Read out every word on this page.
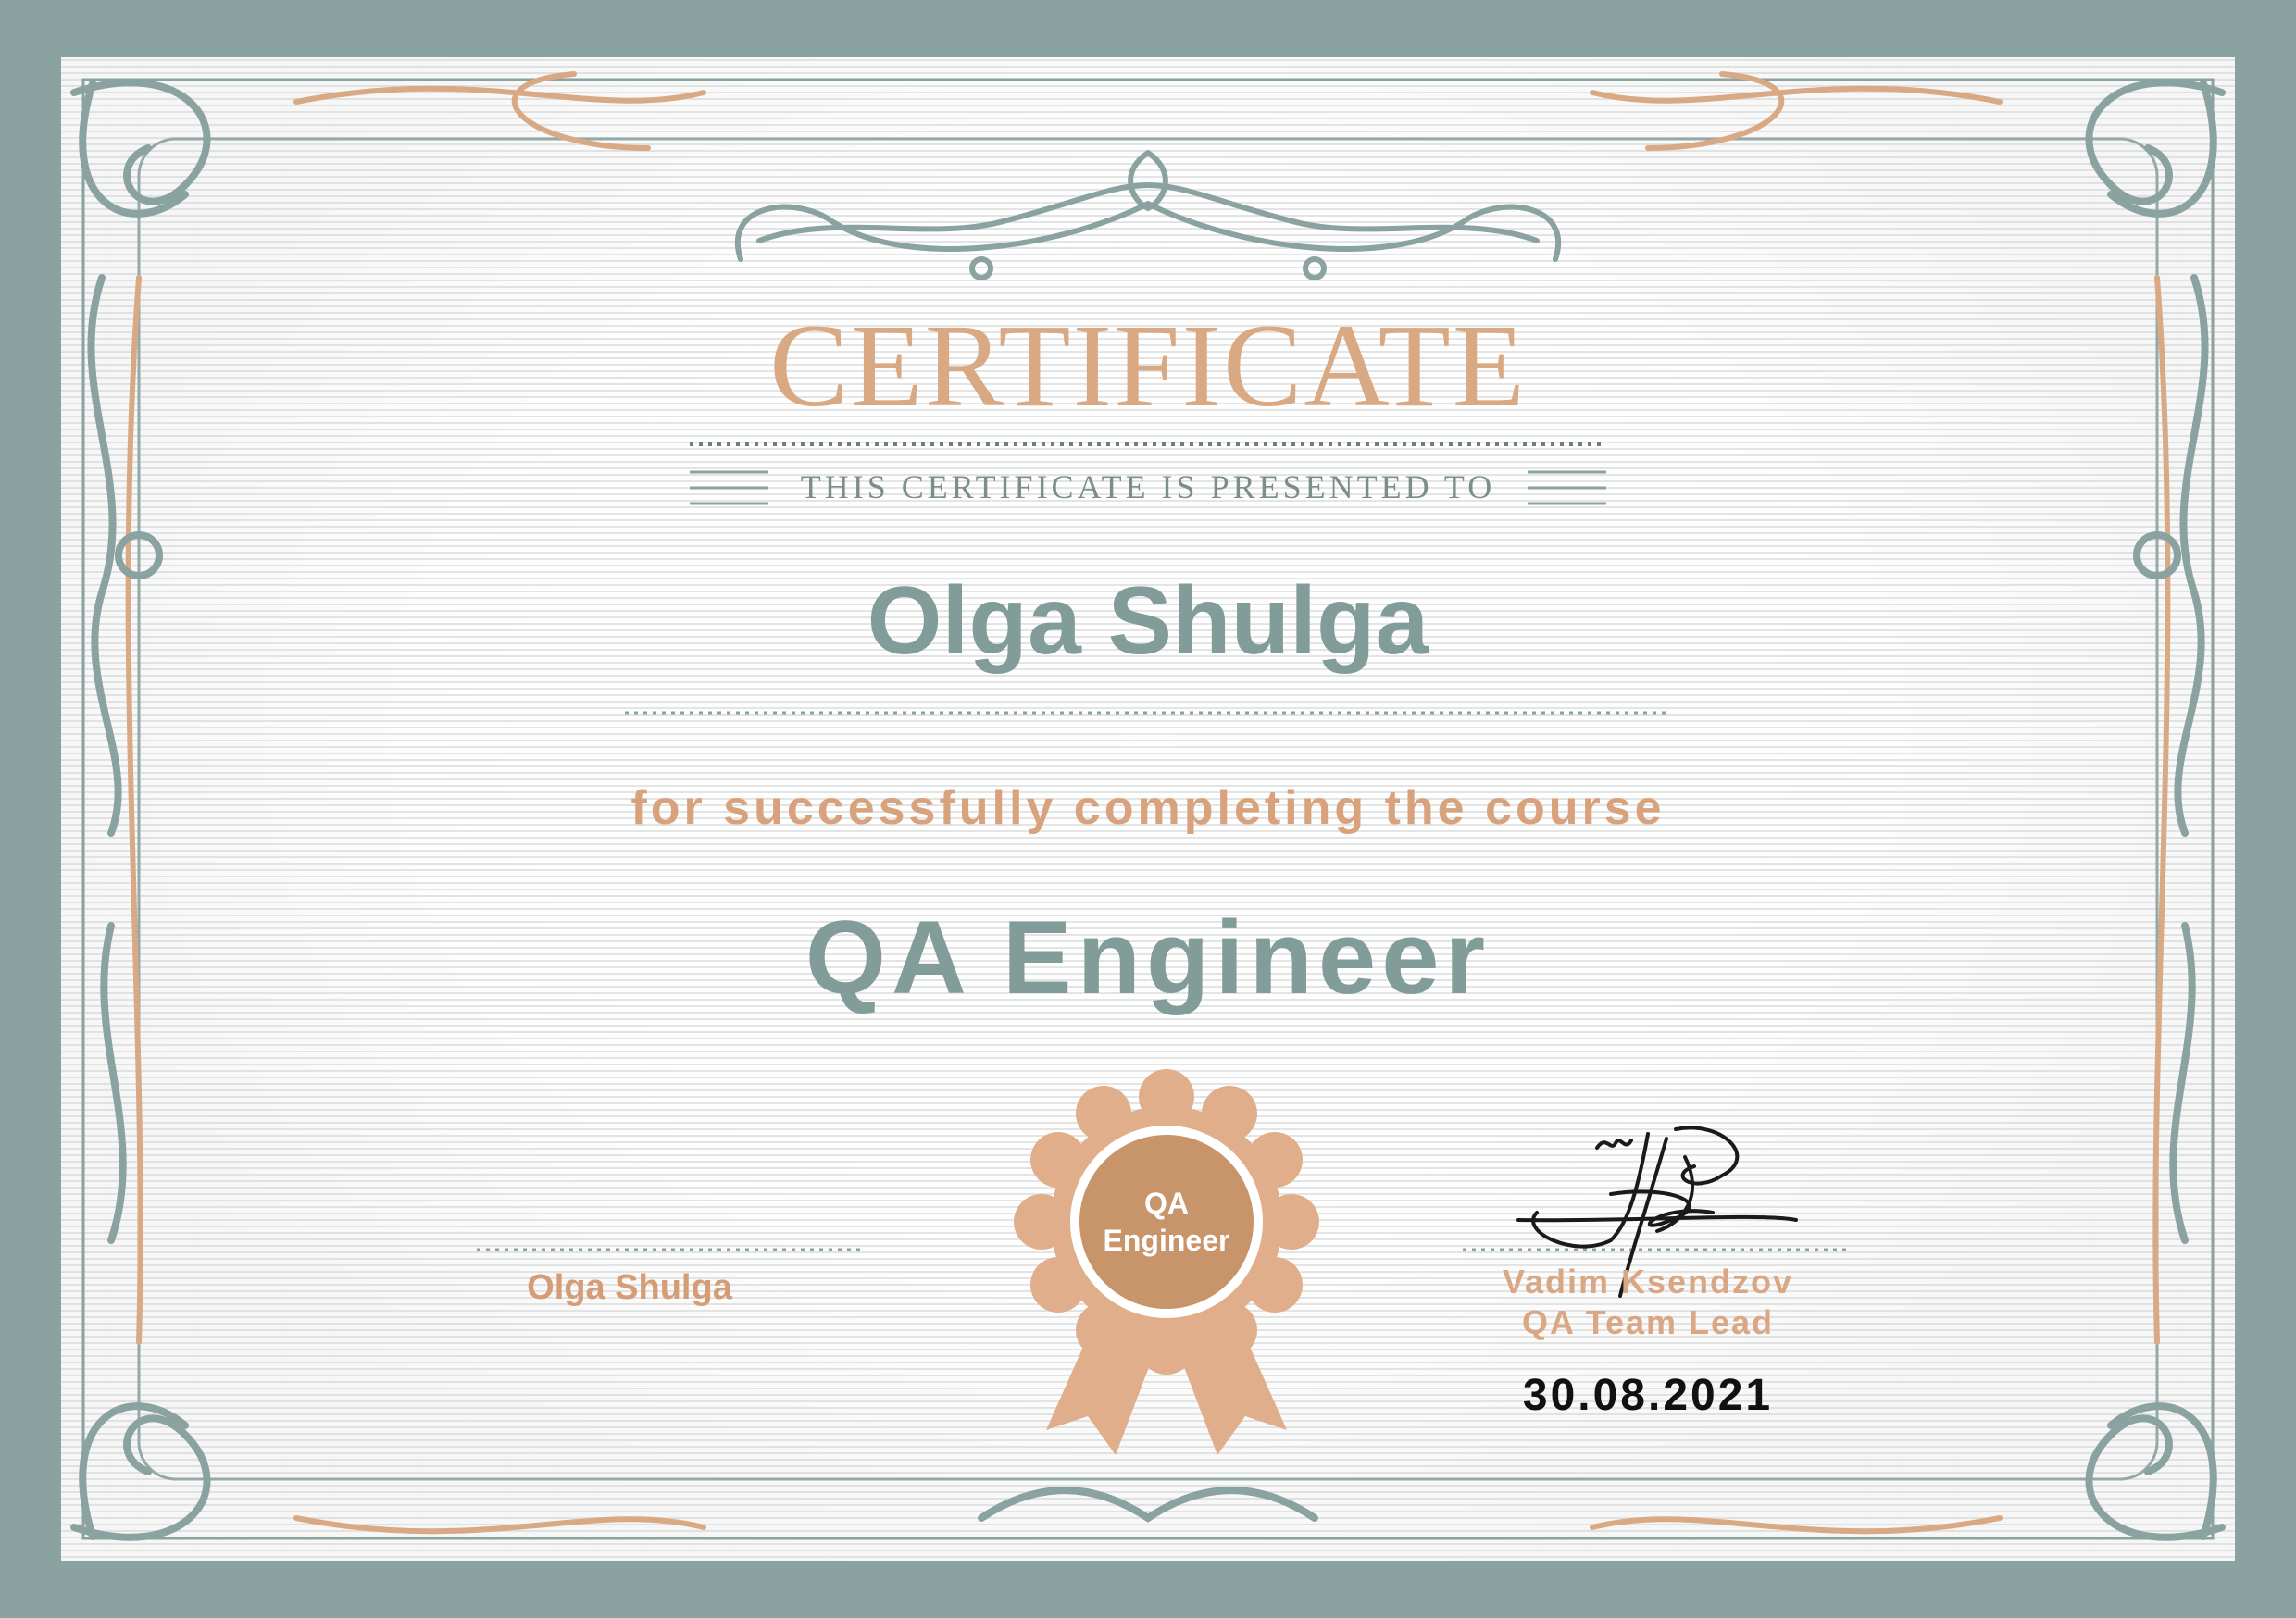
CERTIFICATE
THIS CERTIFICATE IS PRESENTED TO
Olga Shulga
for successfully completing the course
QA Engineer
QA
Engineer
Olga Shulga	Vadim Ksendzov
QA Team Lead
30.08.2021
